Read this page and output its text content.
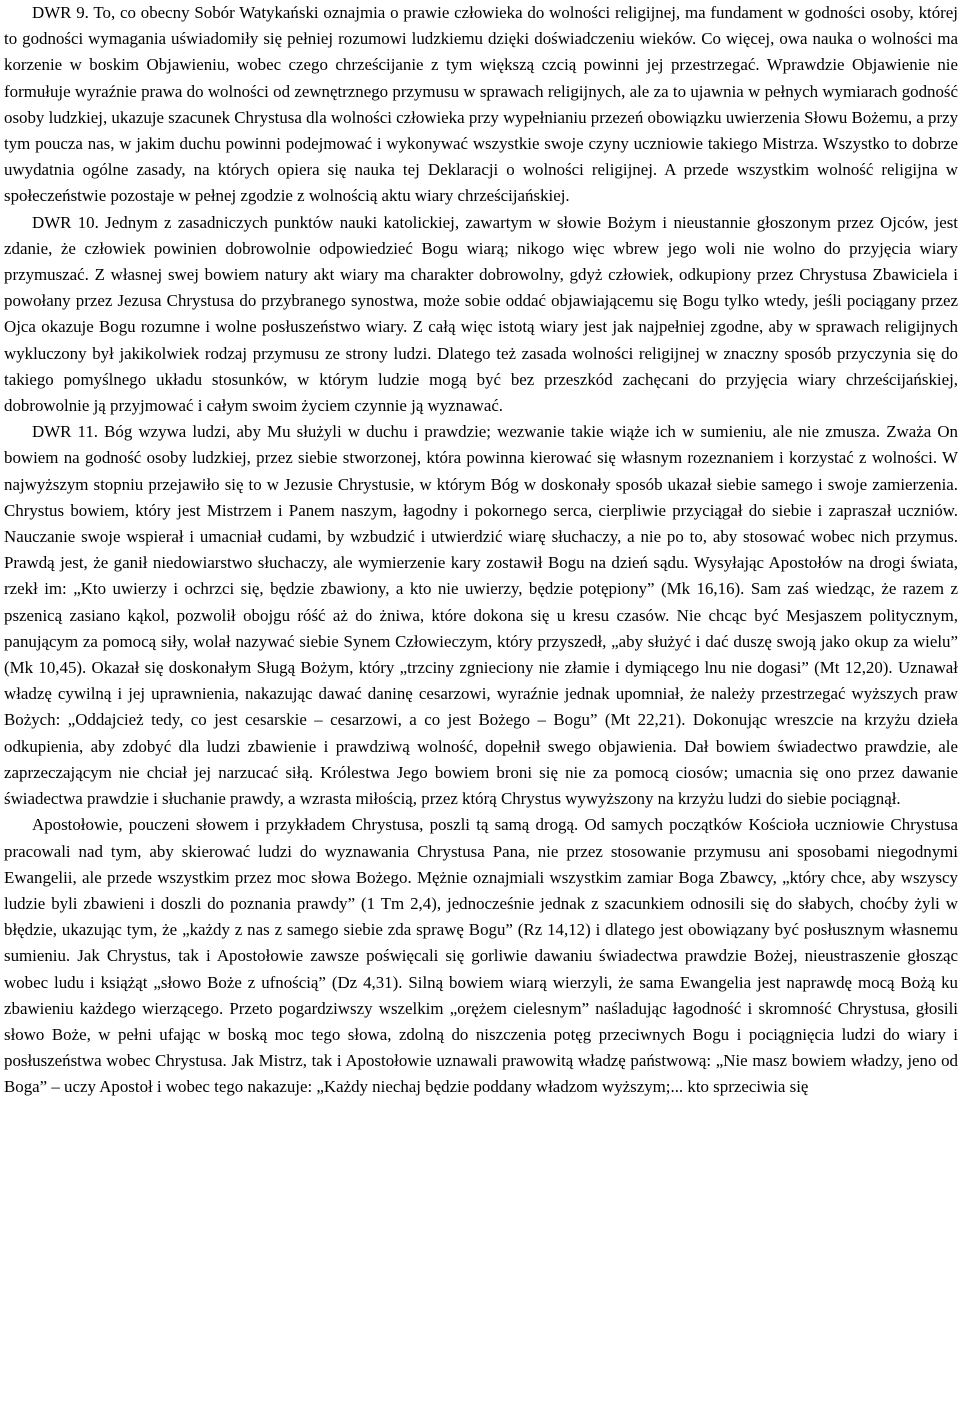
DWR 9. To, co obecny Sobór Watykański oznajmia o prawie człowieka do wolności religijnej, ma fundament w godności osoby, której to godności wymagania uświadomiły się pełniej rozumowi ludzkiemu dzięki doświadczeniu wieków. Co więcej, owa nauka o wolności ma korzenie w boskim Objawieniu, wobec czego chrześcijanie z tym większą czcią powinni jej przestrzegać. Wprawdzie Objawienie nie formułuje wyraźnie prawa do wolności od zewnętrznego przymusu w sprawach religijnych, ale za to ujawnia w pełnych wymiarach godność osoby ludzkiej, ukazuje szacunek Chrystusa dla wolności człowieka przy wypełnianiu przezeń obowiązku uwierzenia Słowu Bożemu, a przy tym poucza nas, w jakim duchu powinni podejmować i wykonywać wszystkie swoje czyny uczniowie takiego Mistrza. Wszystko to dobrze uwydatnia ogólne zasady, na których opiera się nauka tej Deklaracji o wolności religijnej. A przede wszystkim wolność religijna w społeczeństwie pozostaje w pełnej zgodzie z wolnością aktu wiary chrześcijańskiej.

DWR 10. Jednym z zasadniczych punktów nauki katolickiej, zawartym w słowie Bożym i nieustannie głoszonym przez Ojców, jest zdanie, że człowiek powinien dobrowolnie odpowiedzieć Bogu wiarą; nikogo więc wbrew jego woli nie wolno do przyjęcia wiary przymuszać. Z własnej swej bowiem natury akt wiary ma charakter dobrowolny, gdyż człowiek, odkupiony przez Chrystusa Zbawiciela i powołany przez Jezusa Chrystusa do przybranego synostwa, może sobie oddać objawiającemu się Bogu tylko wtedy, jeśli pociągany przez Ojca okazuje Bogu rozumne i wolne posłuszeństwo wiary. Z całą więc istotą wiary jest jak najpełniej zgodne, aby w sprawach religijnych wykluczony był jakikolwiek rodzaj przymusu ze strony ludzi. Dlatego też zasada wolności religijnej w znaczny sposób przyczynia się do takiego pomyślnego układu stosunków, w którym ludzie mogą być bez przeszkód zachęcani do przyjęcia wiary chrześcijańskiej, dobrowolnie ją przyjmować i całym swoim życiem czynnie ją wyznawać.

DWR 11. Bóg wzywa ludzi, aby Mu służyli w duchu i prawdzie; wezwanie takie wiąże ich w sumieniu, ale nie zmusza. Zważa On bowiem na godność osoby ludzkiej, przez siebie stworzonej, która powinna kierować się własnym rozeznaniem i korzystać z wolności. W najwyższym stopniu przejawiło się to w Jezusie Chrystusie, w którym Bóg w doskonały sposób ukazał siebie samego i swoje zamierzenia. Chrystus bowiem, który jest Mistrzem i Panem naszym, łagodny i pokornego serca, cierpliwie przyciągał do siebie i zapraszał uczniów. Nauczanie swoje wspierał i umacniał cudami, by wzbudzić i utwierdzić wiarę słuchaczy, a nie po to, aby stosować wobec nich przymus. Prawdą jest, że ganił niedowiarstwo słuchaczy, ale wymierzenie kary zostawił Bogu na dzień sądu. Wysyłając Apostołów na drogi świata, rzekł im: „Kto uwierzy i ochrzci się, będzie zbawiony, a kto nie uwierzy, będzie potępiony” (Mk 16,16). Sam zaś wiedząc, że razem z pszenicą zasiano kąkol, pozwolił obojgu róść aż do żniwa, które dokona się u kresu czasów. Nie chcąc być Mesjaszem politycznym, panującym za pomocą siły, wolał nazywać siebie Synem Człowieczym, który przyszedł, „aby służyć i dać duszę swoją jako okup za wielu” (Mk 10,45). Okazał się doskonałym Sługą Bożym, który „trzciny zgnieciony nie złamie i dymiącego lnu nie dogasi” (Mt 12,20). Uznawał władzę cywilną i jej uprawnienia, nakazując dawać daninę cesarzowi, wyraźnie jednak upomniał, że należy przestrzegać wyższych praw Bożych: „Oddajcież tedy, co jest cesarskie – cesarzowi, a co jest Bożego – Bogu” (Mt 22,21). Dokonując wreszcie na krzyżu dzieła odkupienia, aby zdobyć dla ludzi zbawienie i prawdziwą wolność, dopełnił swego objawienia. Dał bowiem świadectwo prawdzie, ale zaprzeczającym nie chciał jej narzucać siłą. Królestwa Jego bowiem broni się nie za pomocą ciosów; umacnia się ono przez dawanie świadectwa prawdzie i słuchanie prawdy, a wzrasta miłością, przez którą Chrystus wywyższony na krzyżu ludzi do siebie pociągnął.

Apostołowie, pouczeni słowem i przykładem Chrystusa, poszli tą samą drogą. Od samych początków Kościoła uczniowie Chrystusa pracowali nad tym, aby skierować ludzi do wyznawania Chrystusa Pana, nie przez stosowanie przymusu ani sposobami niegodnymi Ewangelii, ale przede wszystkim przez moc słowa Bożego. Mężnie oznajmiali wszystkim zamiar Boga Zbawcy, „który chce, aby wszyscy ludzie byli zbawieni i doszli do poznania prawdy” (1 Tm 2,4), jednocześnie jednak z szacunkiem odnosili się do słabych, choćby żyli w błędzie, ukazując tym, że „każdy z nas z samego siebie zda sprawę Bogu” (Rz 14,12) i dlatego jest obowiązany być posłusznym własnemu sumieniu. Jak Chrystus, tak i Apostołowie zawsze poświęcali się gorliwie dawaniu świadectwa prawdzie Bożej, nieustraszenie głosząc wobec ludu i książąt „słowo Boże z ufnością” (Dz 4,31). Silną bowiem wiarą wierzyli, że sama Ewangelia jest naprawdę mocą Bożą ku zbawieniu każdego wierzącego. Przeto pogardziwszy wszelkim „orężem cielesnym” naśladując łagodność i skromność Chrystusa, głosili słowo Boże, w pełni ufając w boską moc tego słowa, zdolną do niszczenia potęg przeciwnych Bogu i pociągnięcia ludzi do wiary i posłuszeństwa wobec Chrystusa. Jak Mistrz, tak i Apostołowie uznawali prawowitą władzę państwową: „Nie masz bowiem władzy, jeno od Boga” – uczy Apostoł i wobec tego nakazuje: „Każdy niechaj będzie poddany władzom wyższym;... kto sprzeciwia się
